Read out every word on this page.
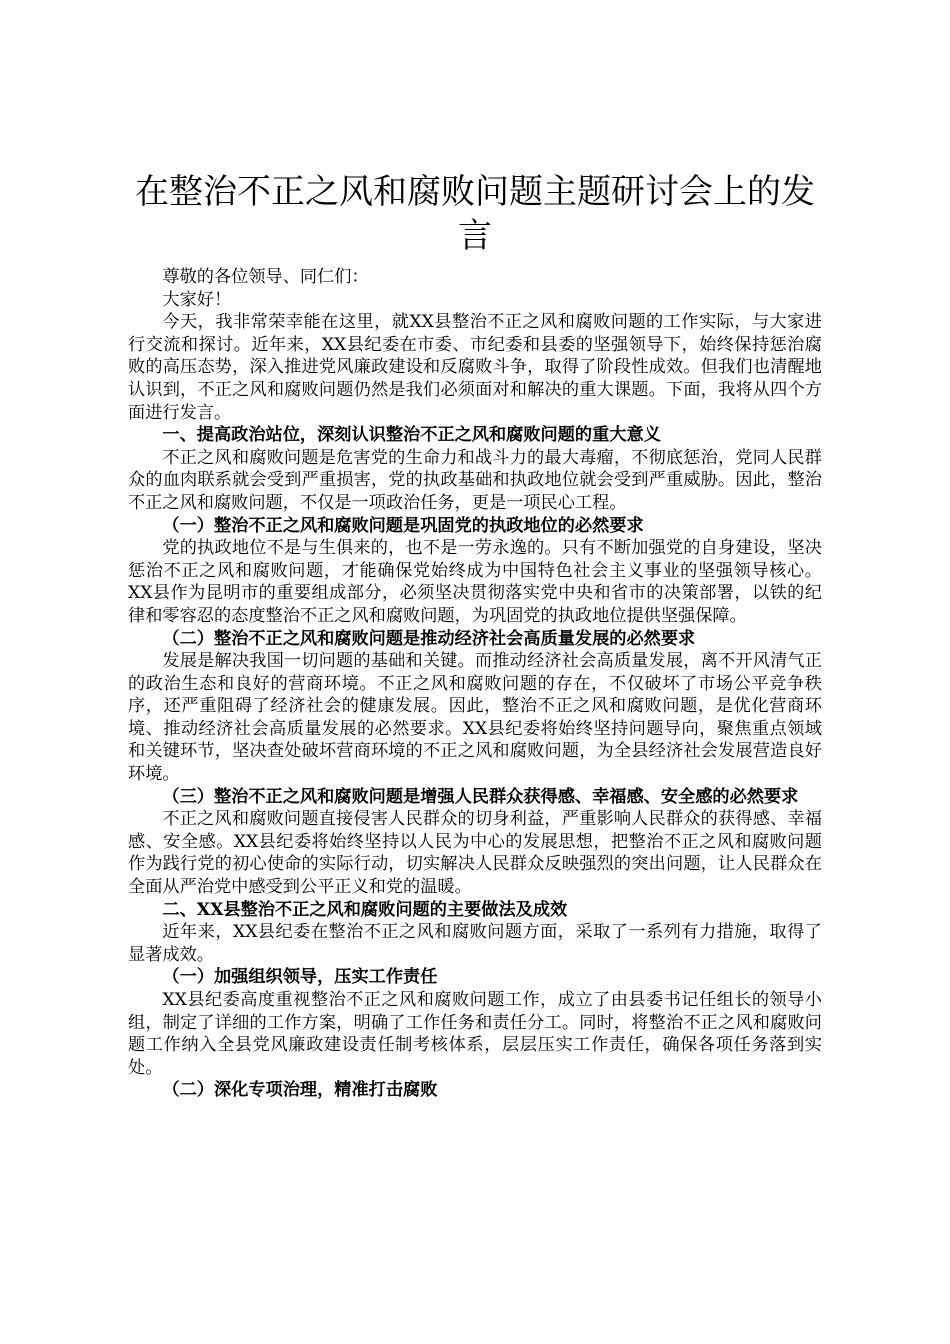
在整治不正之风和腐败问题主题研讨会上的发言

尊敬的各位领导、同仁们：

大家好！

今天，我非常荣幸能在这里，就XX县整治不正之风和腐败问题的工作实际，与大家进行交流和探讨。近年来，XX县纪委在市委、市纪委和县委的坚强领导下，始终保持惩治腐败的高压态势，深入推进党风廉政建设和反腐败斗争，取得了阶段性成效。但我们也清醒地认识到，不正之风和腐败问题仍然是我们必须面对和解决的重大课题。下面，我将从四个方面进行发言。

一、提高政治站位，深刻认识整治不正之风和腐败问题的重大意义

不正之风和腐败问题是危害党的生命力和战斗力的最大毒瘤，不彻底惩治，党同人民群众的血肉联系就会受到严重损害，党的执政基础和执政地位就会受到严重威胁。因此，整治不正之风和腐败问题，不仅是一项政治任务，更是一项民心工程。

（一）整治不正之风和腐败问题是巩固党的执政地位的必然要求

党的执政地位不是与生俱来的，也不是一劳永逸的。只有不断加强党的自身建设，坚决惩治不正之风和腐败问题，才能确保党始终成为中国特色社会主义事业的坚强领导核心。XX县作为昆明市的重要组成部分，必须坚决贯彻落实党中央和省市的决策部署，以铁的纪律和零容忍的态度整治不正之风和腐败问题，为巩固党的执政地位提供坚强保障。

（二）整治不正之风和腐败问题是推动经济社会高质量发展的必然要求

发展是解决我国一切问题的基础和关键。而推动经济社会高质量发展，离不开风清气正的政治生态和良好的营商环境。不正之风和腐败问题的存在，不仅破坏了市场公平竞争秩序，还严重阻碍了经济社会的健康发展。因此，整治不正之风和腐败问题，是优化营商环境、推动经济社会高质量发展的必然要求。XX县纪委将始终坚持问题导向，聚焦重点领域和关键环节，坚决查处破坏营商环境的不正之风和腐败问题，为全县经济社会发展营造良好环境。

（三）整治不正之风和腐败问题是增强人民群众获得感、幸福感、安全感的必然要求

不正之风和腐败问题直接侵害人民群众的切身利益，严重影响人民群众的获得感、幸福感、安全感。XX县纪委将始终坚持以人民为中心的发展思想，把整治不正之风和腐败问题作为践行党的初心使命的实际行动，切实解决人民群众反映强烈的突出问题，让人民群众在全面从严治党中感受到公平正义和党的温暖。

二、XX县整治不正之风和腐败问题的主要做法及成效

近年来，XX县纪委在整治不正之风和腐败问题方面，采取了一系列有力措施，取得了显著成效。

（一）加强组织领导，压实工作责任

XX县纪委高度重视整治不正之风和腐败问题工作，成立了由县委书记任组长的领导小组，制定了详细的工作方案，明确了工作任务和责任分工。同时，将整治不正之风和腐败问题工作纳入全县党风廉政建设责任制考核体系，层层压实工作责任，确保各项任务落到实处。

（二）深化专项治理，精准打击腐败
